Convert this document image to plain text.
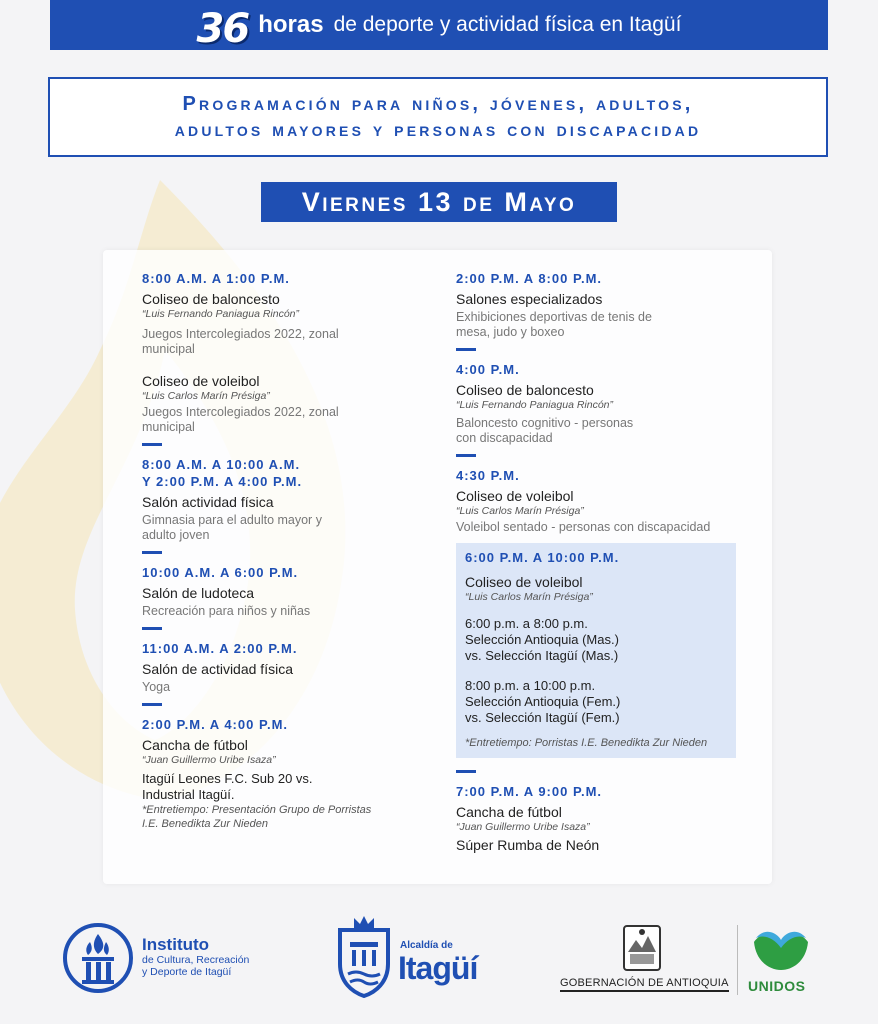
36 horas de deporte y actividad física en Itagüí
Programación para niños, jóvenes, adultos,
adultos mayores y personas con discapacidad
Viernes 13 de Mayo
8:00 A.M. A 1:00 P.M.
Coliseo de baloncesto
“Luis Fernando Paniagua Rincón”
Juegos Intercolegiados 2022, zonal municipal
Coliseo de voleibol
“Luis Carlos Marín Présiga”
Juegos Intercolegiados 2022, zonal municipal
8:00 A.M. A 10:00 A.M.
Y 2:00 P.M. A 4:00 P.M.
Salón actividad física
Gimnasia para el adulto mayor y adulto joven
10:00 A.M. A 6:00 P.M.
Salón de ludoteca
Recreación para niños y niñas
11:00 A.M. A 2:00 P.M.
Salón de actividad física
Yoga
2:00 P.M. A 4:00 P.M.
Cancha de fútbol
“Juan Guillermo Uribe Isaza”
Itagüí Leones F.C. Sub 20 vs.
Industrial Itagüí.
*Entretiempo: Presentación Grupo de Porristas
I.E. Benedikta Zur Nieden
2:00 P.M. A 8:00 P.M.
Salones especializados
Exhibiciones deportivas de tenis de mesa, judo y boxeo
4:00 P.M.
Coliseo de baloncesto
“Luis Fernando Paniagua Rincón”
Baloncesto cognitivo - personas con discapacidad
4:30 P.M.
Coliseo de voleibol
“Luis Carlos Marín Présiga”
Voleibol sentado - personas con discapacidad
6:00 P.M. A 10:00 P.M.
Coliseo de voleibol
“Luis Carlos Marín Présiga”
6:00 p.m. a 8:00 p.m.
Selección Antioquia (Mas.)
vs. Selección Itagüí (Mas.)
8:00 p.m. a 10:00 p.m.
Selección Antioquia (Fem.)
vs. Selección Itagüí (Fem.)
*Entretiempo: Porristas I.E. Benedikta Zur Nieden
7:00 P.M. A 9:00 P.M.
Cancha de fútbol
“Juan Guillermo Uribe Isaza”
Súper Rumba de Neón
Instituto
de Cultura, Recreación
y Deporte de Itagüí
Alcaldía de
Itagüí	GOBERNACIÓN DE ANTIOQUIA UNIDOS
